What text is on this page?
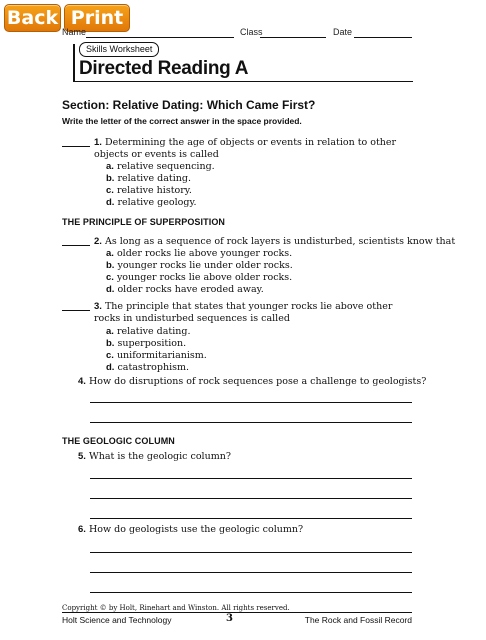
Back Print
Name	Class	Date
Skills Worksheet
Directed Reading A
Section: Relative Dating: Which Came First?
Write the letter of the correct answer in the space provided.
1. Determining the age of objects or events in relation to other objects or events is called
a. relative sequencing.
b. relative dating.
c. relative history.
d. relative geology.
THE PRINCIPLE OF SUPERPOSITION
2. As long as a sequence of rock layers is undisturbed, scientists know that
a. older rocks lie above younger rocks.
b. younger rocks lie under older rocks.
c. younger rocks lie above older rocks.
d. older rocks have eroded away.
3. The principle that states that younger rocks lie above other rocks in undisturbed sequences is called
a. relative dating.
b. superposition.
c. uniformitarianism.
d. catastrophism.
4. How do disruptions of rock sequences pose a challenge to geologists?
THE GEOLOGIC COLUMN
5. What is the geologic column?
6. How do geologists use the geologic column?
Copyright © by Holt, Rinehart and Winston. All rights reserved.
Holt Science and Technology	3	The Rock and Fossil Record
